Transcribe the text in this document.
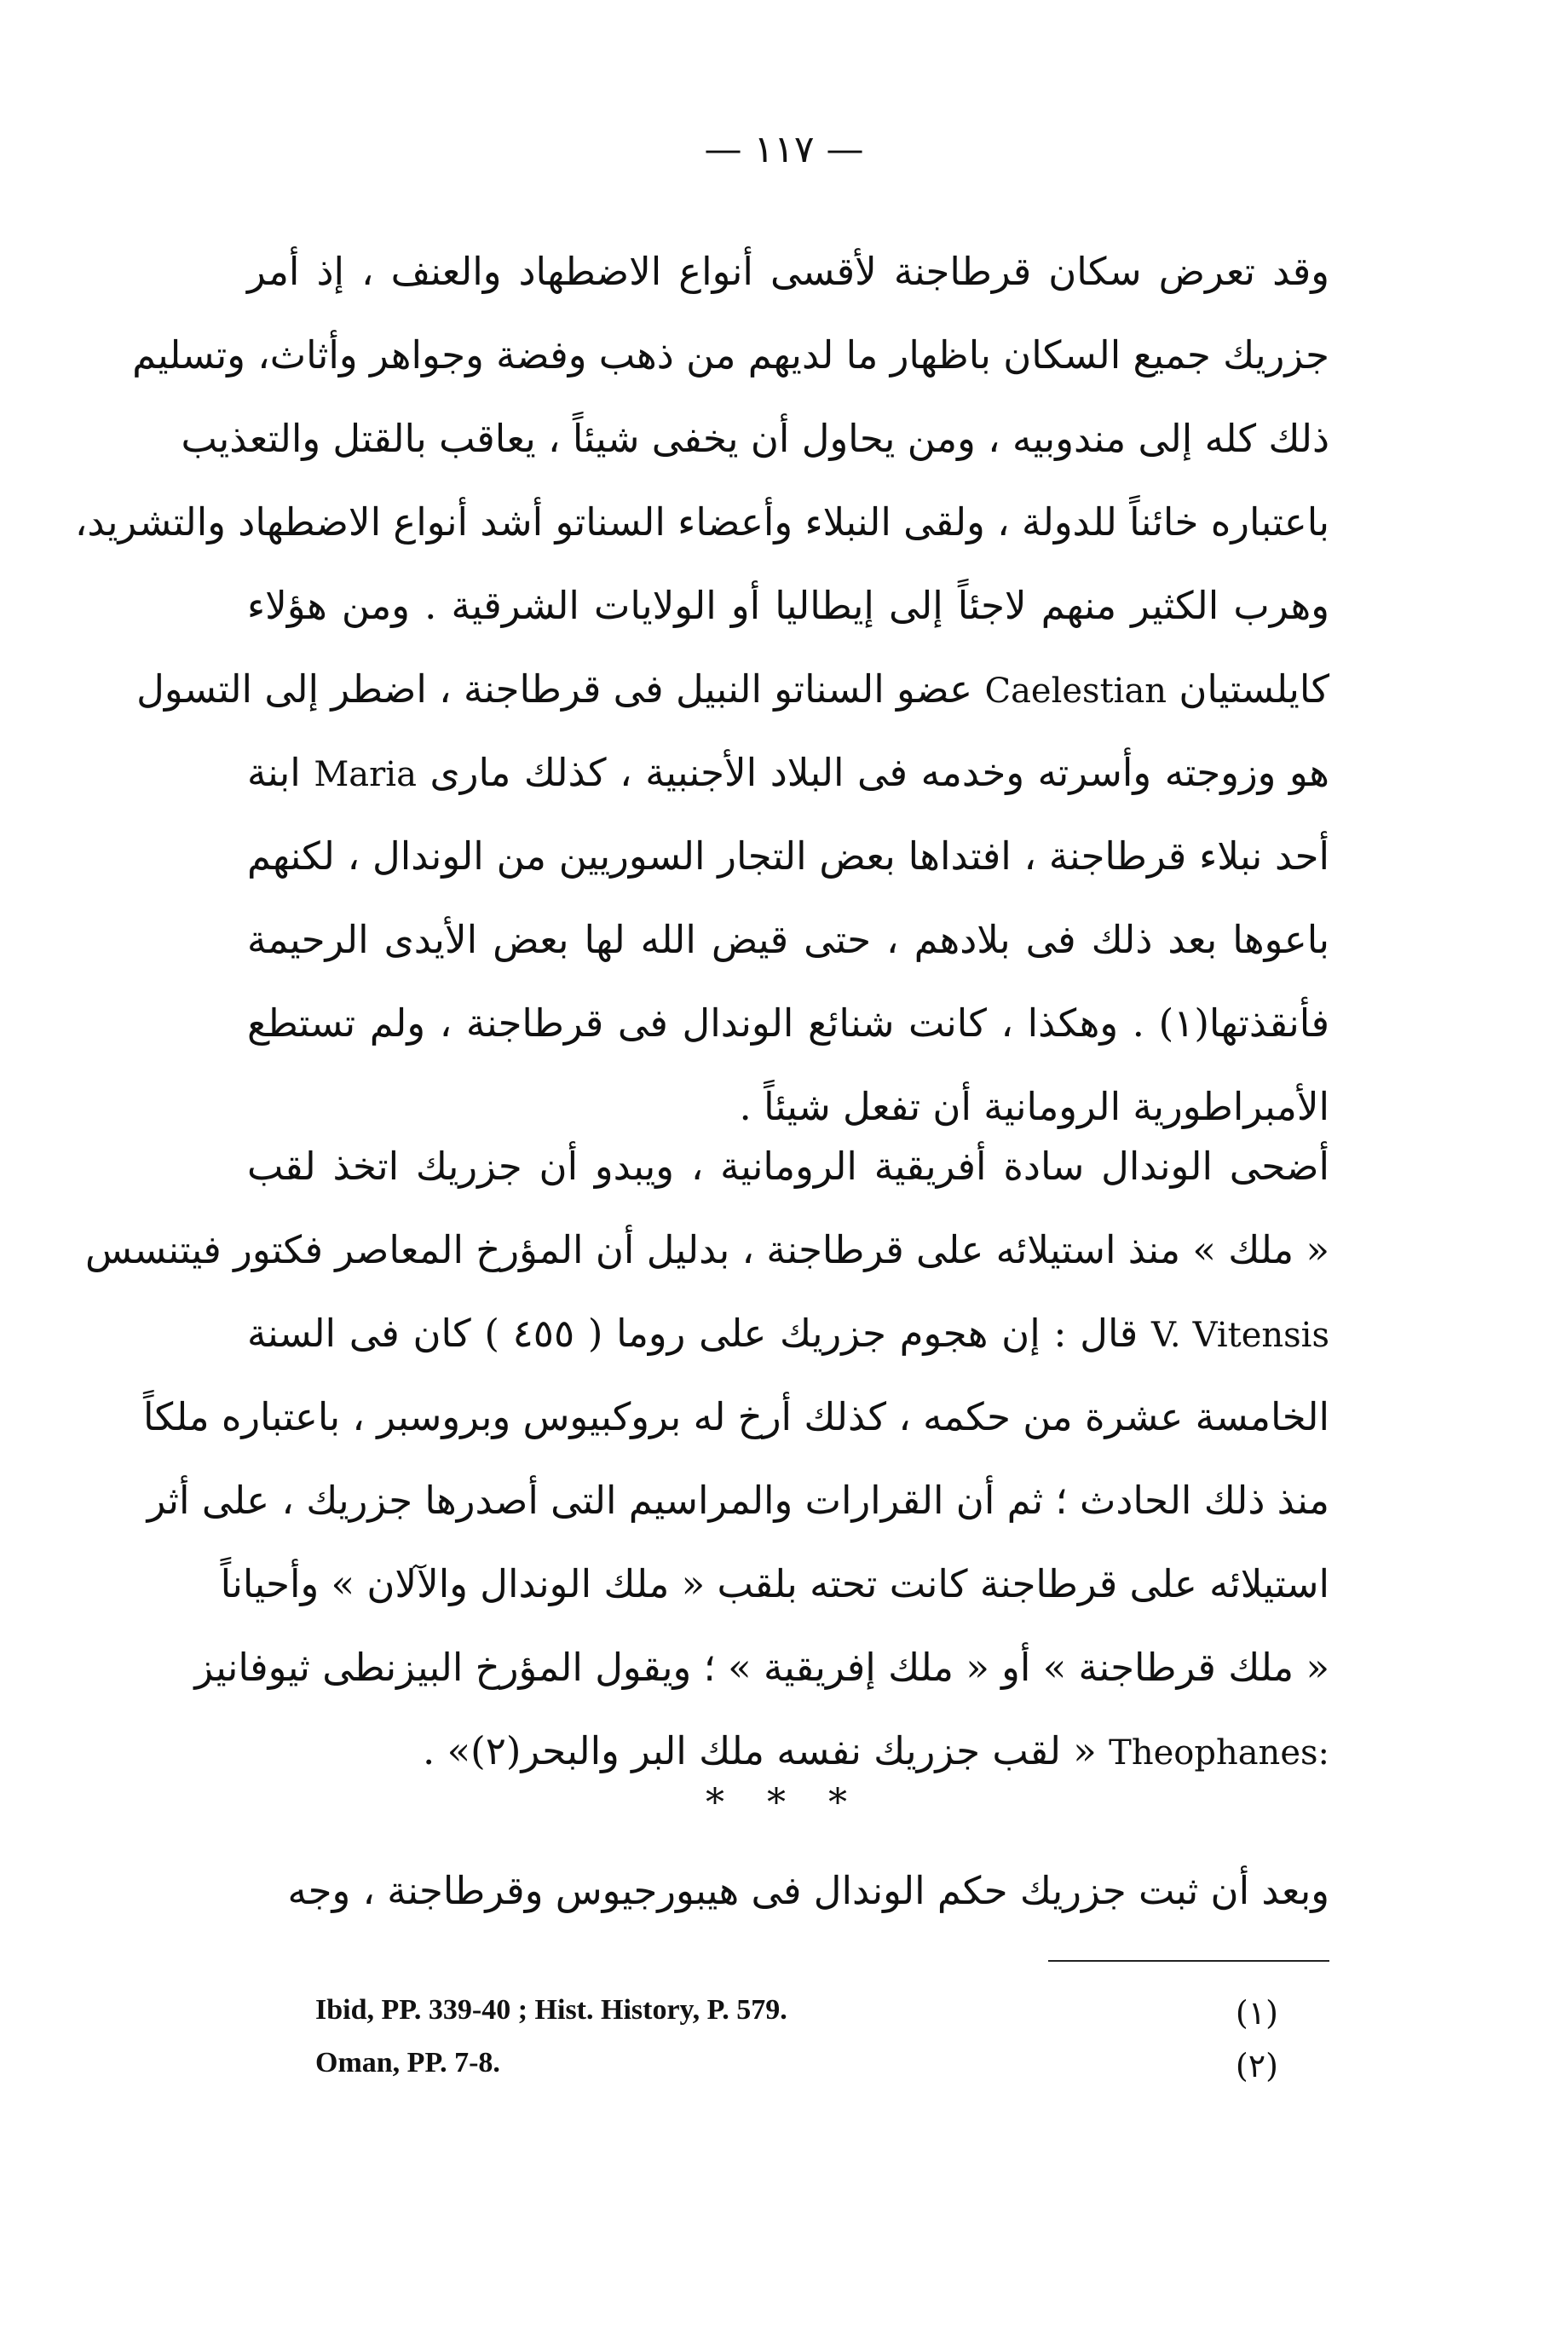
— ١١٧ —
وقد تعرض سكان قرطاجنة لأقسى أنواع الاضطهاد والعنف ، إذ أمر
جزريك جميع السكان باظهار ما لديهم من ذهب وفضة وجواهر وأثاث، وتسليم
ذلك كله إلى مندوبيه ، ومن يحاول أن يخفى شيئاً ، يعاقب بالقتل والتعذيب
باعتباره خائناً للدولة ، ولقى النبلاء وأعضاء السناتو أشد أنواع الاضطهاد والتشريد،
وهرب الكثير منهم لاجئاً إلى إيطاليا أو الولايات الشرقية . ومن هؤلاء
كايلستيان Caelestian عضو السناتو النبيل فى قرطاجنة ، اضطر إلى التسول
هو وزوجته وأسرته وخدمه فى البلاد الأجنبية ، كذلك مارى Maria ابنة
أحد نبلاء قرطاجنة ، افتداها بعض التجار السوريين من الوندال ، لكنهم
باعوها بعد ذلك فى بلادهم ، حتى قيض الله لها بعض الأيدى الرحيمة
فأنقذتها(١) . وهكذا ، كانت شنائع الوندال فى قرطاجنة ، ولم تستطع
الأمبراطورية الرومانية أن تفعل شيئاً .
أضحى الوندال سادة أفريقية الرومانية ، ويبدو أن جزريك اتخذ لقب
« ملك » منذ استيلائه على قرطاجنة ، بدليل أن المؤرخ المعاصر فكتور فيتنسس
V. Vitensis قال : إن هجوم جزريك على روما ( ٤٥٥ ) كان فى السنة
الخامسة عشرة من حكمه ، كذلك أرخ له بروكبيوس وبروسبر ، باعتباره ملكاً
منذ ذلك الحادث ؛ ثم أن القرارات والمراسيم التى أصدرها جزريك ، على أثر
استيلائه على قرطاجنة كانت تحته بلقب « ملك الوندال والآلان » وأحياناً
« ملك قرطاجنة » أو « ملك إفريقية » ؛ ويقول المؤرخ البيزنطى ثيوفانيز
Theophanes: « لقب جزريك نفسه ملك البر والبحر(٢)» .
* * *
وبعد أن ثبت جزريك حكم الوندال فى هيبورجيوس وقرطاجنة ، وجه
Ibid, PP. 339-40 ; Hist. History, P. 579.	(١)
Oman, PP. 7-8.	(٢)
